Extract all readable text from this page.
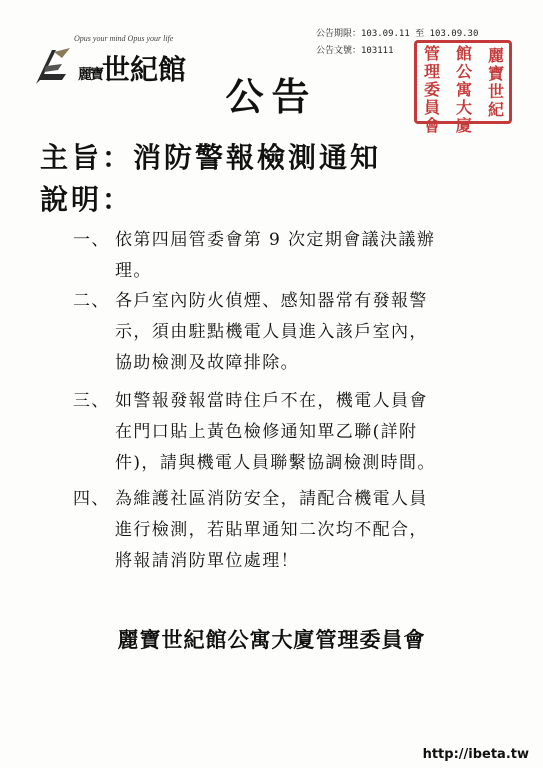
公告期限：103.09.11 至 103.09.30
公告文號：103111
Opus your mind Opus your life
麗寶世紀館	麗寶世紀
館公寓大廈
管理委員會
公告
主旨：消防警報檢測通知
說明：
一、 依第四屆管委會第 9 次定期會議決議辦
理。
二、 各戶室內防火偵煙、感知器常有發報警
示，須由駐點機電人員進入該戶室內，
協助檢測及故障排除。
三、 如警報發報當時住戶不在，機電人員會
在門口貼上黃色檢修通知單乙聯(詳附
件)，請與機電人員聯繫協調檢測時間。
四、 為維護社區消防安全，請配合機電人員
進行檢測，若貼單通知二次均不配合，
將報請消防單位處理！
麗寶世紀館公寓大廈管理委員會
http://ibeta.tw
